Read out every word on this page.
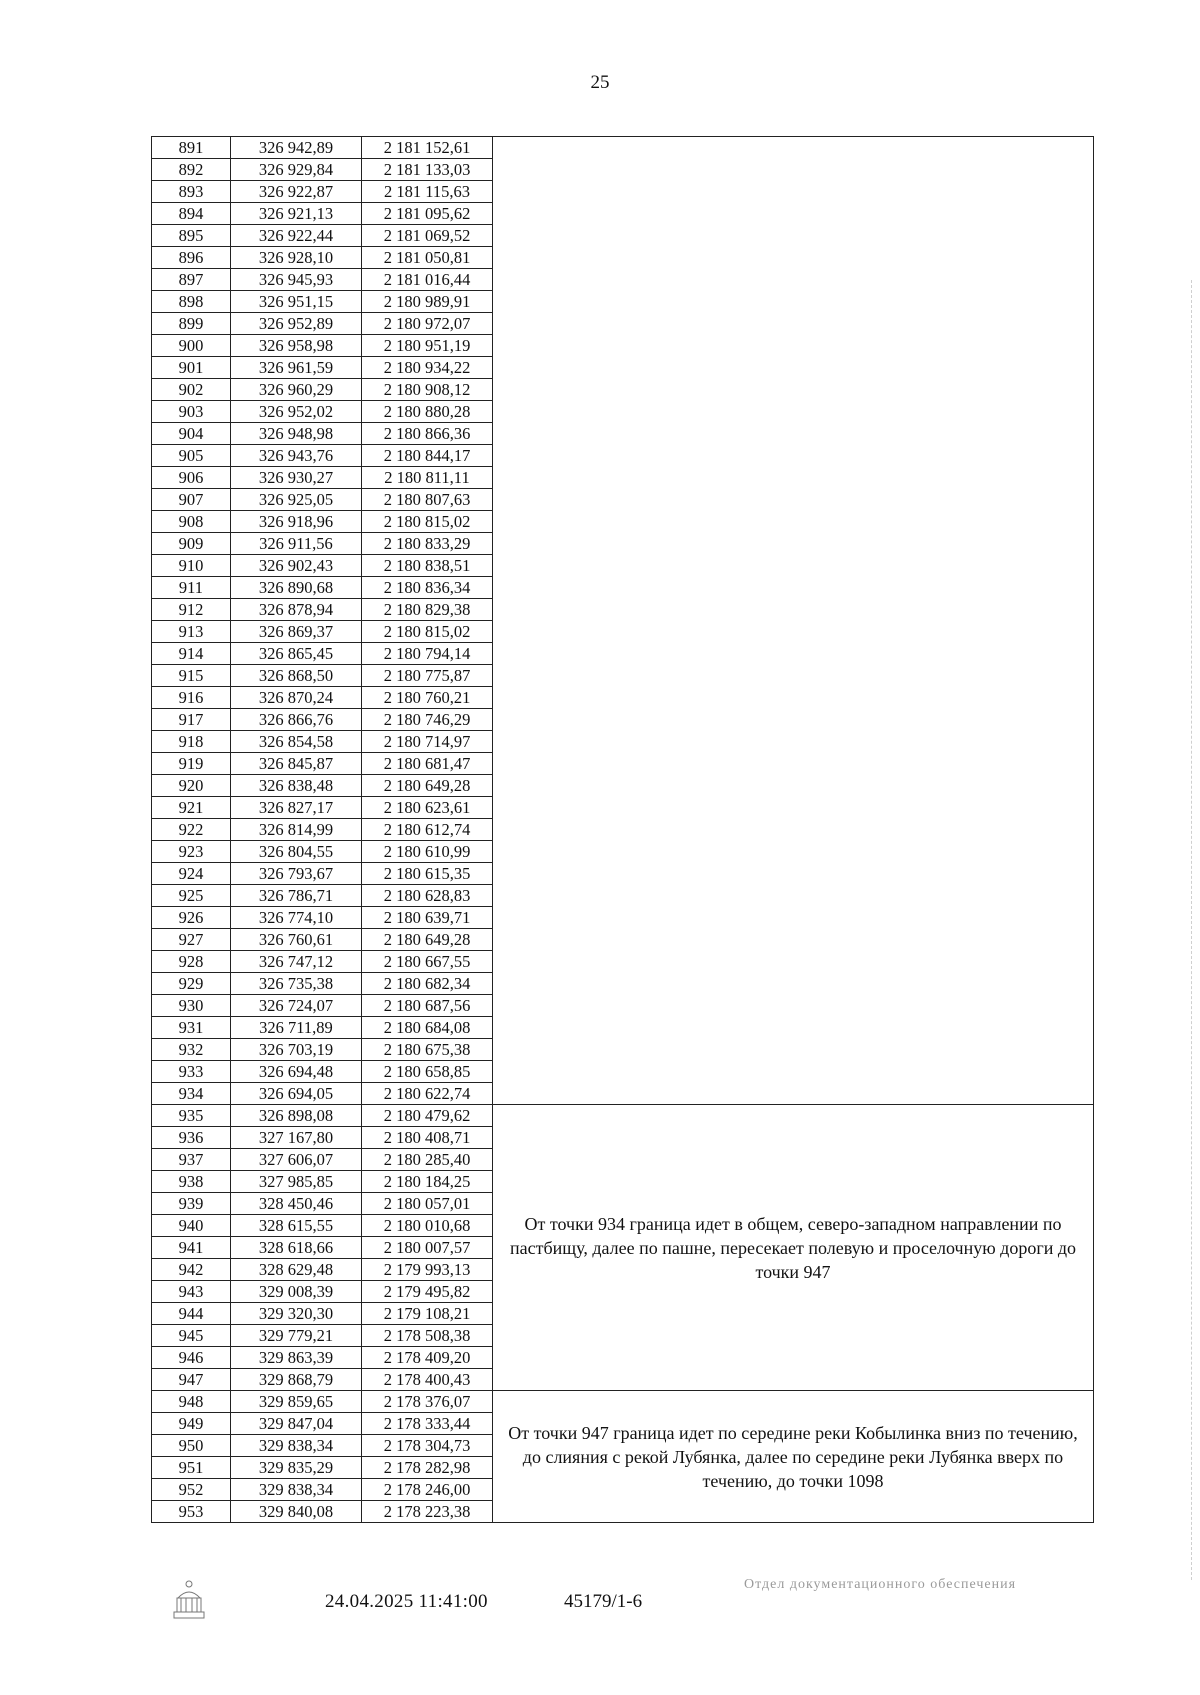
25
891	326 942,89	2 181 152,61	
892	326 929,84	2 181 133,03	
893	326 922,87	2 181 115,63	
894	326 921,13	2 181 095,62	
895	326 922,44	2 181 069,52	
896	326 928,10	2 181 050,81	
897	326 945,93	2 181 016,44	
898	326 951,15	2 180 989,91	
899	326 952,89	2 180 972,07	
900	326 958,98	2 180 951,19	
901	326 961,59	2 180 934,22	
902	326 960,29	2 180 908,12	
903	326 952,02	2 180 880,28	
904	326 948,98	2 180 866,36	
905	326 943,76	2 180 844,17	
906	326 930,27	2 180 811,11	
907	326 925,05	2 180 807,63	
908	326 918,96	2 180 815,02	
909	326 911,56	2 180 833,29	
910	326 902,43	2 180 838,51	
911	326 890,68	2 180 836,34	
912	326 878,94	2 180 829,38	
913	326 869,37	2 180 815,02	
914	326 865,45	2 180 794,14	
915	326 868,50	2 180 775,87	
916	326 870,24	2 180 760,21	
917	326 866,76	2 180 746,29	
918	326 854,58	2 180 714,97	
919	326 845,87	2 180 681,47	
920	326 838,48	2 180 649,28	
921	326 827,17	2 180 623,61	
922	326 814,99	2 180 612,74	
923	326 804,55	2 180 610,99	
924	326 793,67	2 180 615,35	
925	326 786,71	2 180 628,83	
926	326 774,10	2 180 639,71	
927	326 760,61	2 180 649,28	
928	326 747,12	2 180 667,55	
929	326 735,38	2 180 682,34	
930	326 724,07	2 180 687,56	
931	326 711,89	2 180 684,08	
932	326 703,19	2 180 675,38	
933	326 694,48	2 180 658,85	
934	326 694,05	2 180 622,74	
935	326 898,08	2 180 479,62	От точки 934 граница идет в общем, северо-западном направлении по пастбищу, далее по пашне, пересекает полевую и проселочную дороги до точки 947
936	327 167,80	2 180 408,71	
937	327 606,07	2 180 285,40	
938	327 985,85	2 180 184,25	
939	328 450,46	2 180 057,01	
940	328 615,55	2 180 010,68	
941	328 618,66	2 180 007,57	
942	328 629,48	2 179 993,13	
943	329 008,39	2 179 495,82	
944	329 320,30	2 179 108,21	
945	329 779,21	2 178 508,38	
946	329 863,39	2 178 409,20	
947	329 868,79	2 178 400,43	
948	329 859,65	2 178 376,07	От точки 947 граница идет по середине реки Кобылинка вниз по течению, до слияния с рекой Лубянка, далее по середине реки Лубянка вверх по течению, до точки 1098
949	329 847,04	2 178 333,44	
950	329 838,34	2 178 304,73	
951	329 835,29	2 178 282,98	
952	329 838,34	2 178 246,00	
953	329 840,08	2 178 223,38	
24.04.2025 11:41:00	45179/1-6
Отдел документационного обеспечения
